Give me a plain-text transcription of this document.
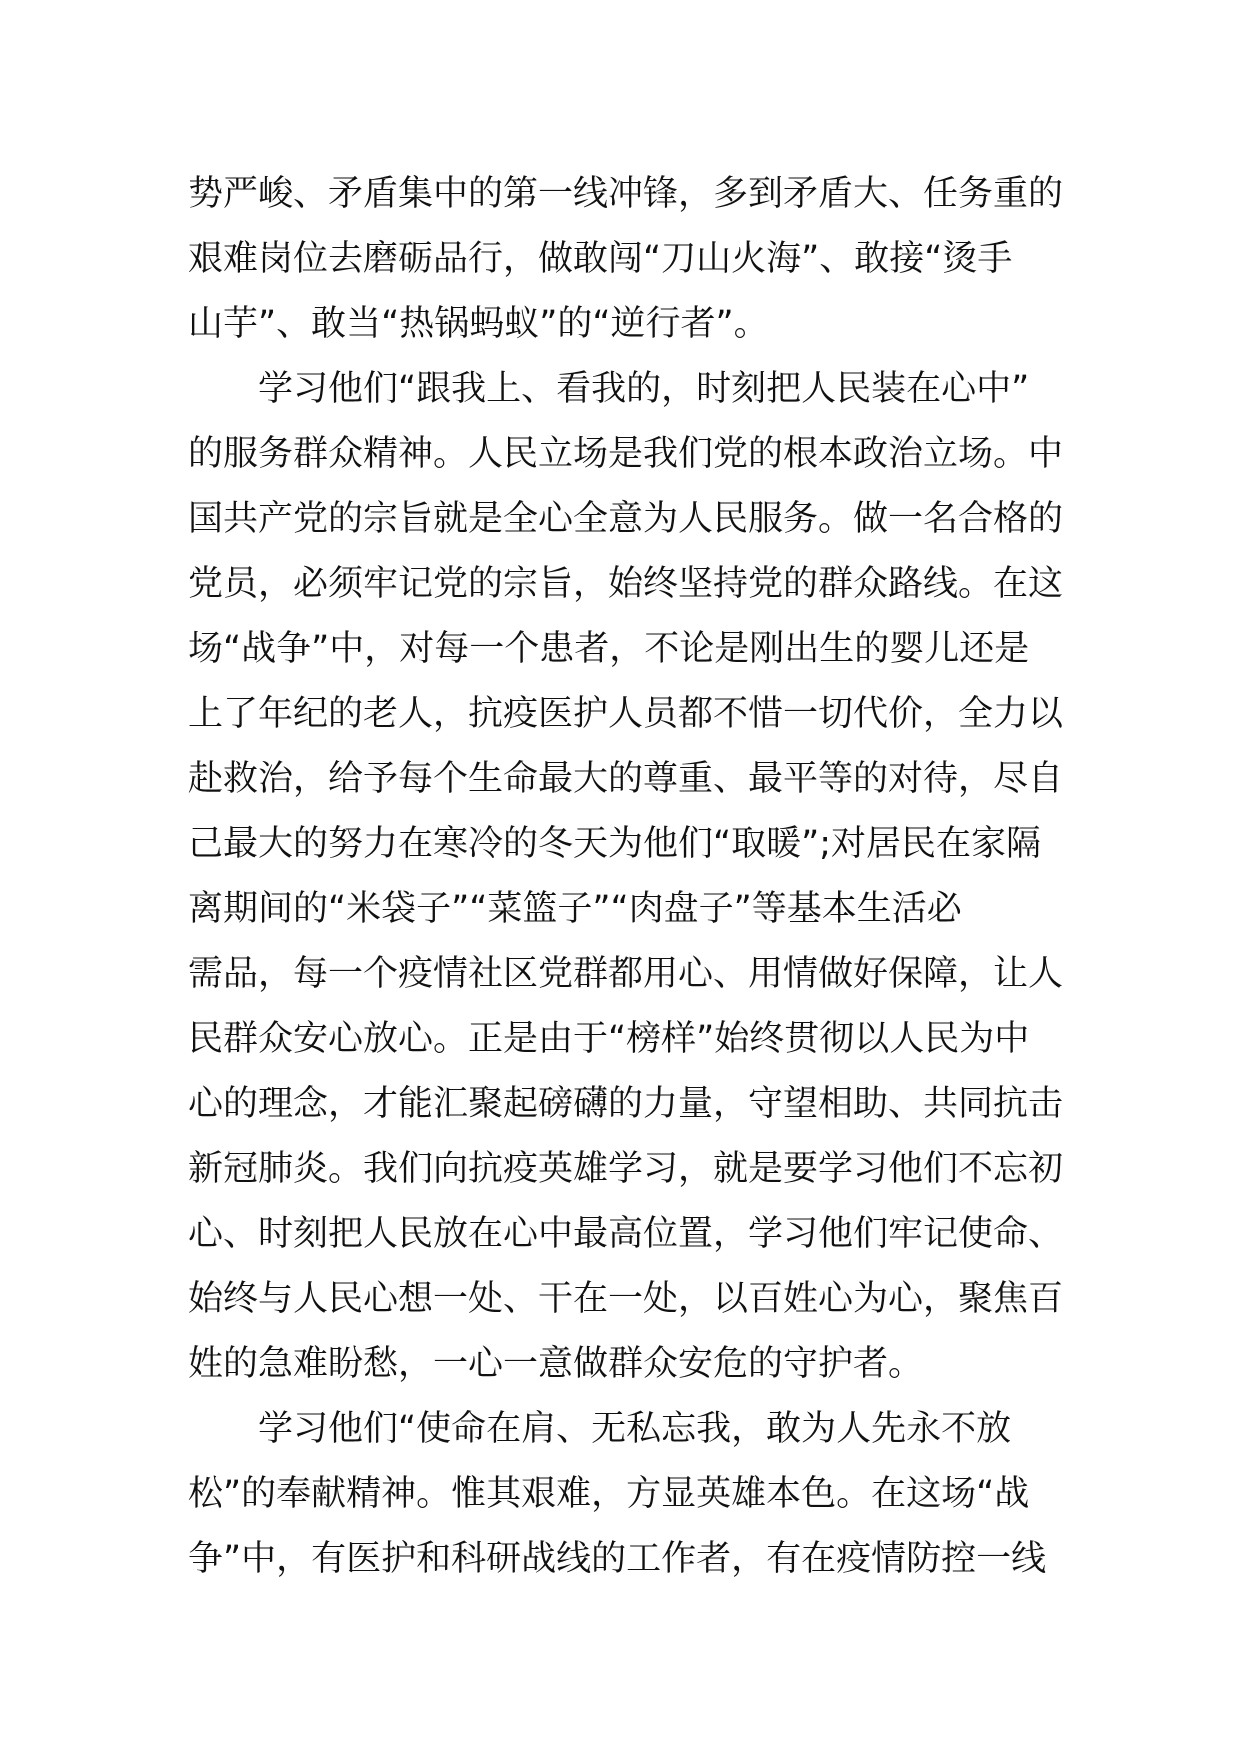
势严峻、矛盾集中的第一线冲锋，多到矛盾大、任务重的
艰难岗位去磨砺品行，做敢闯“刀山火海”、敢接“烫手
山芋”、敢当“热锅蚂蚁”的“逆行者”。
学习他们“跟我上、看我的，时刻把人民装在心中”
的服务群众精神。人民立场是我们党的根本政治立场。中
国共产党的宗旨就是全心全意为人民服务。做一名合格的
党员，必须牢记党的宗旨，始终坚持党的群众路线。在这
场“战争”中，对每一个患者，不论是刚出生的婴儿还是
上了年纪的老人，抗疫医护人员都不惜一切代价，全力以
赴救治，给予每个生命最大的尊重、最平等的对待，尽自
己最大的努力在寒冷的冬天为他们“取暖”;对居民在家隔
离期间的“米袋子”“菜篮子”“肉盘子”等基本生活必
需品，每一个疫情社区党群都用心、用情做好保障，让人
民群众安心放心。正是由于“榜样”始终贯彻以人民为中
心的理念，才能汇聚起磅礴的力量，守望相助、共同抗击
新冠肺炎。我们向抗疫英雄学习，就是要学习他们不忘初
心、时刻把人民放在心中最高位置，学习他们牢记使命、
始终与人民心想一处、干在一处，以百姓心为心，聚焦百
姓的急难盼愁，一心一意做群众安危的守护者。
学习他们“使命在肩、无私忘我，敢为人先永不放
松”的奉献精神。惟其艰难，方显英雄本色。在这场“战
争”中，有医护和科研战线的工作者，有在疫情防控一线
